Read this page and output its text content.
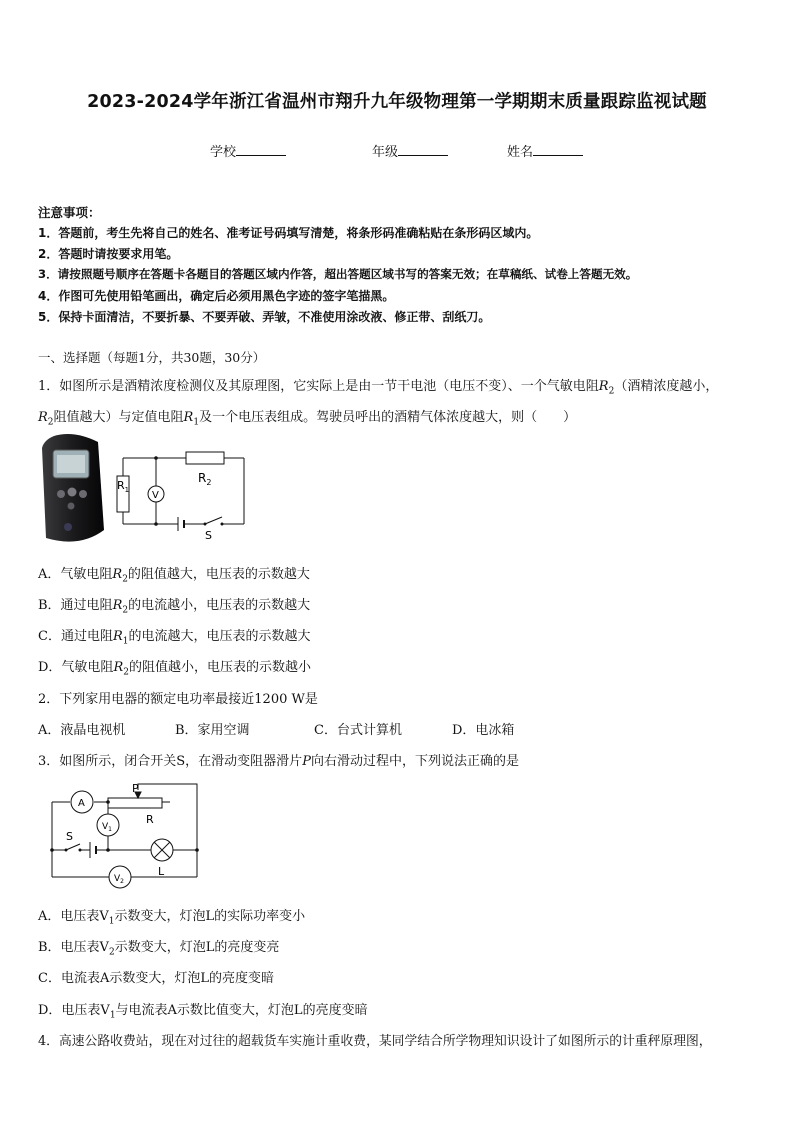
2023-2024学年浙江省温州市翔升九年级物理第一学期期末质量跟踪监视试题
学校	年级	姓名
注意事项：
1．答题前，考生先将自己的姓名、准考证号码填写清楚，将条形码准确粘贴在条形码区域内。
2．答题时请按要求用笔。
3．请按照题号顺序在答题卡各题目的答题区域内作答，超出答题区域书写的答案无效；在草稿纸、试卷上答题无效。
4．作图可先使用铅笔画出，确定后必须用黑色字迹的签字笔描黑。
5．保持卡面清洁，不要折暴、不要弄破、弄皱，不准使用涂改液、修正带、刮纸刀。
一、选择题（每题1分，共30题，30分）
1．如图所示是酒精浓度检测仪及其原理图，它实际上是由一节干电池（电压不变）、一个气敏电阻$R_2$（酒精浓度越小，
$R_2$阻值越大）与定值电阻$R_1$及一个电压表组成。驾驶员呼出的酒精气体浓度越大，则（　　）
$R_1$
$R_2$
V
S
A．气敏电阻$R_2$的阻值越大，电压表的示数越大
B．通过电阻$R_2$的电流越小，电压表的示数越大
C．通过电阻$R_1$的电流越大，电压表的示数越大
D．气敏电阻$R_2$的阻值越小，电压表的示数越小
2．下列家用电器的额定电功率最接近1200 W是
A．液晶电视机	B．家用空调	C．台式计算机	D．电冰箱
3．如图所示，闭合开关S，在滑动变阻器滑片P向右滑动过程中，下列说法正确的是
A
P
R
$V_1$
S
L
$V_2$
A．电压表$V_1$示数变大，灯泡L的实际功率变小
B．电压表$V_2$示数变大，灯泡L的亮度变亮
C．电流表A示数变大，灯泡L的亮度变暗
D．电压表$V_1$与电流表A示数比值变大，灯泡L的亮度变暗
4．高速公路收费站，现在对过往的超载货车实施计重收费，某同学结合所学物理知识设计了如图所示的计重秤原理图，
